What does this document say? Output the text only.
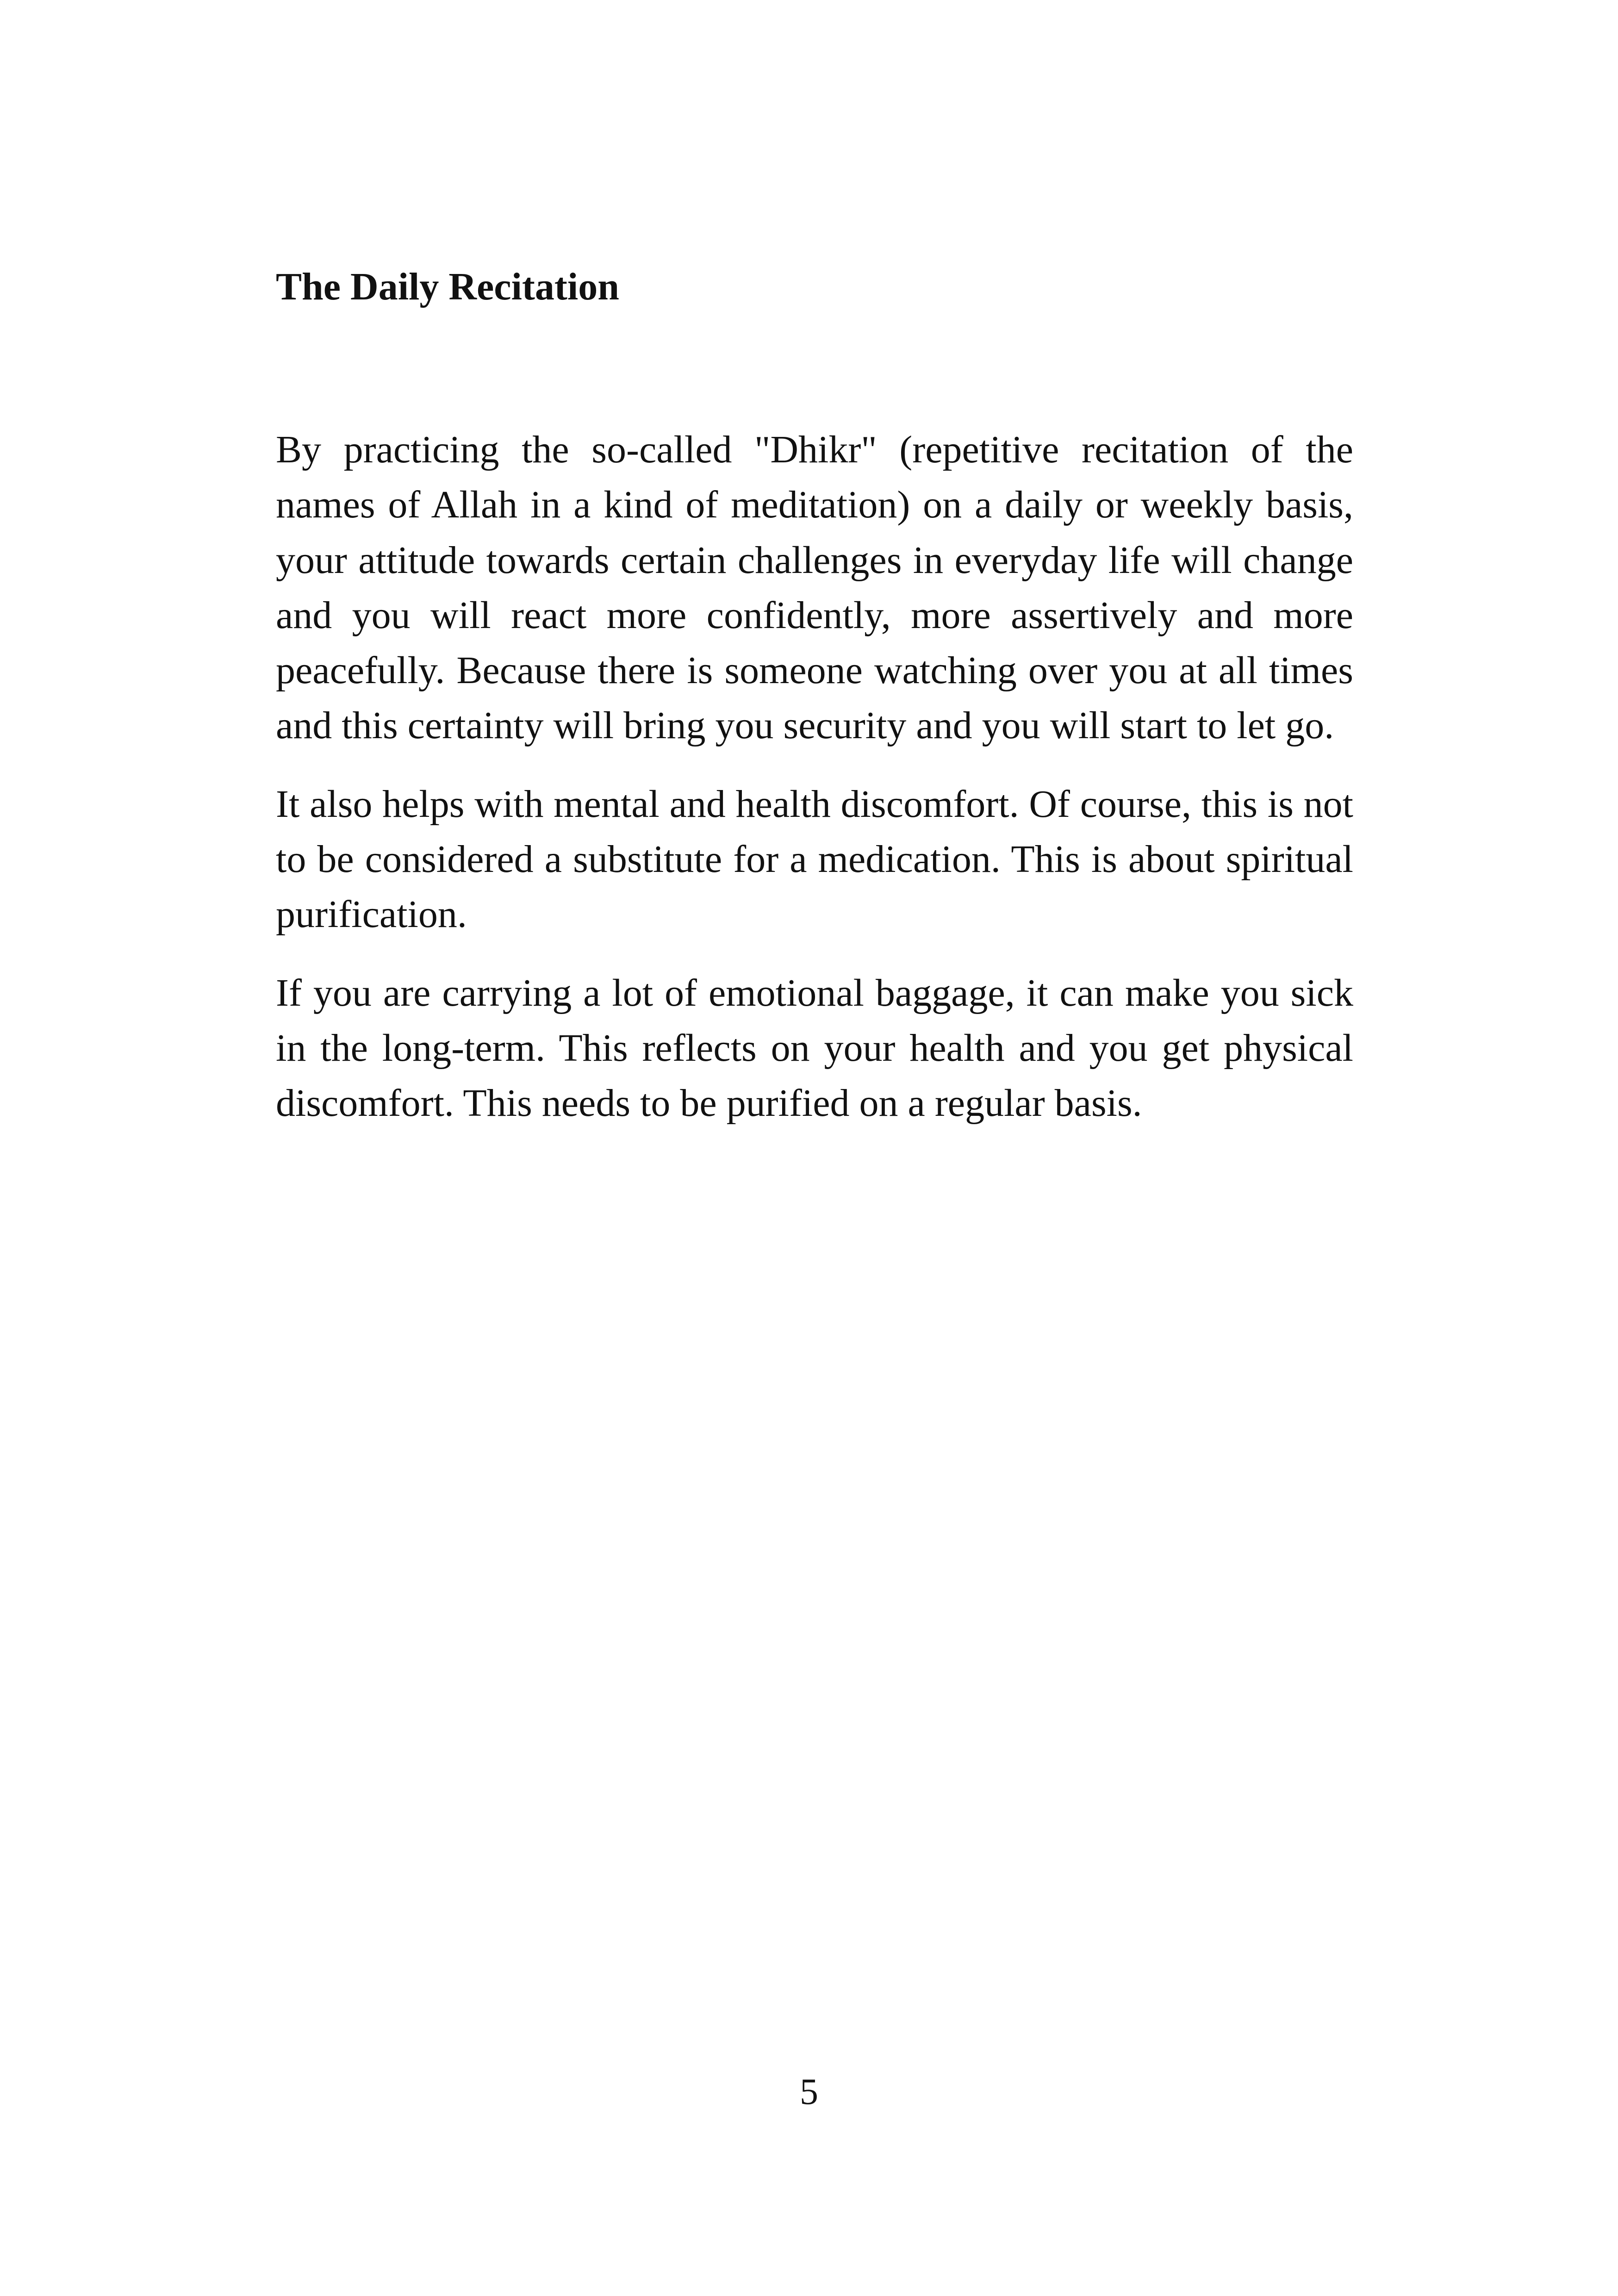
The Daily Recitation

By practicing the so-called "Dhikr" (repetitive recitation of the names of Allah in a kind of meditation) on a daily or weekly basis, your attitude towards certain challenges in everyday life will change and you will react more confidently, more assertively and more peacefully. Because there is someone watching over you at all times and this certainty will bring you security and you will start to let go.

It also helps with mental and health discomfort. Of course, this is not to be considered a substitute for a medication. This is about spiritual purification.

If you are carrying a lot of emotional baggage, it can make you sick in the long-term. This reflects on your health and you get physical discomfort. This needs to be purified on a regular basis.

5
